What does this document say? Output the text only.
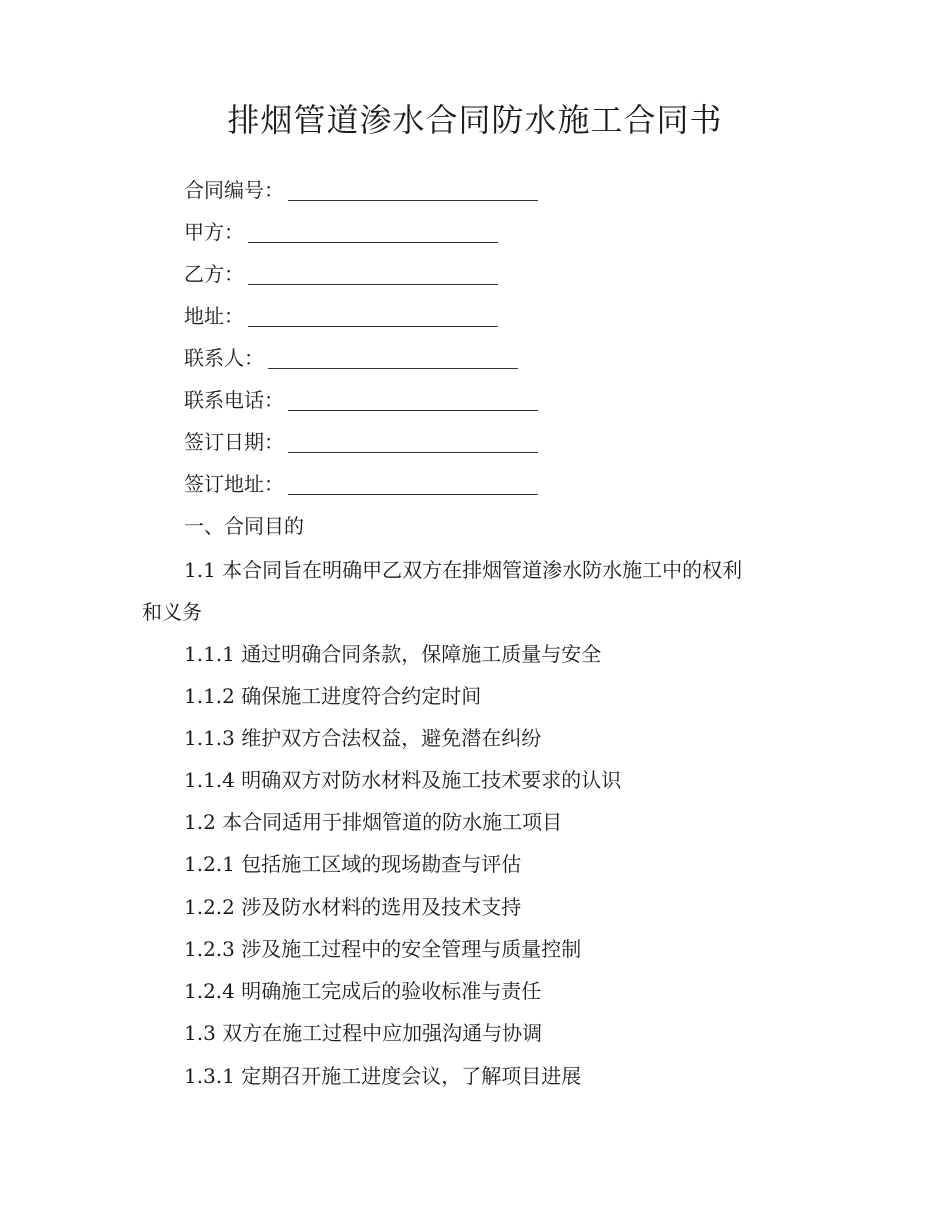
排烟管道渗水合同防水施工合同书
合同编号：
甲方：
乙方：
地址：
联系人：
联系电话：
签订日期：
签订地址：
一、合同目的
1.1 本合同旨在明确甲乙双方在排烟管道渗水防水施工中的权利
和义务
1.1.1 通过明确合同条款，保障施工质量与安全
1.1.2 确保施工进度符合约定时间
1.1.3 维护双方合法权益，避免潜在纠纷
1.1.4 明确双方对防水材料及施工技术要求的认识
1.2 本合同适用于排烟管道的防水施工项目
1.2.1 包括施工区域的现场勘查与评估
1.2.2 涉及防水材料的选用及技术支持
1.2.3 涉及施工过程中的安全管理与质量控制
1.2.4 明确施工完成后的验收标准与责任
1.3 双方在施工过程中应加强沟通与协调
1.3.1 定期召开施工进度会议，了解项目进展
